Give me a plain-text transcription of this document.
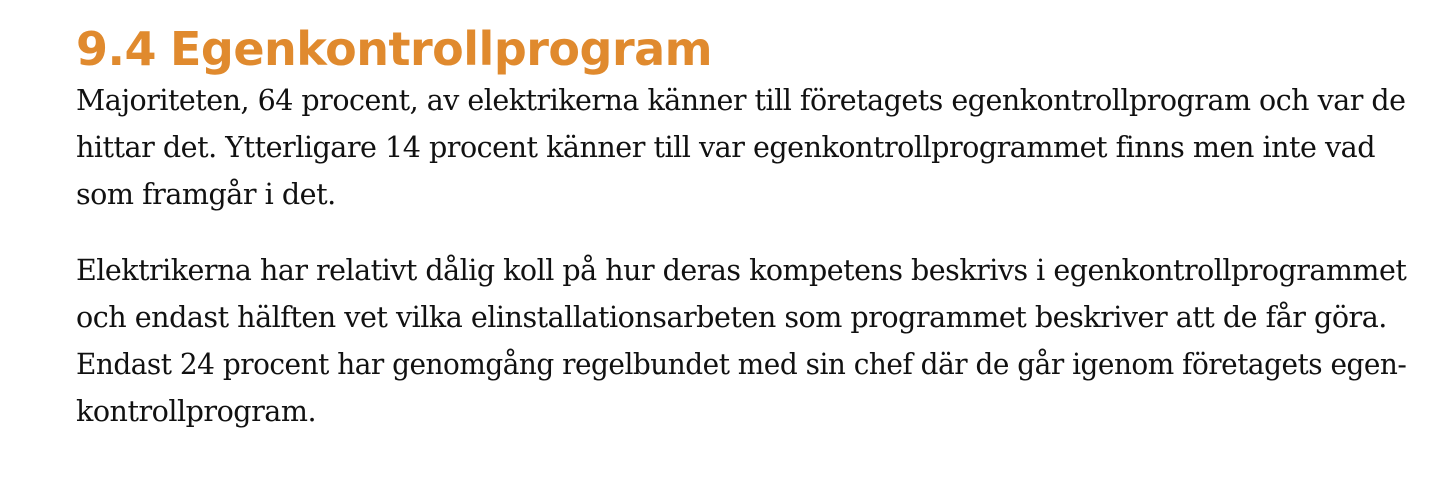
9.4 Egenkontrollprogram

Majoriteten, 64 procent, av elektrikerna känner till företagets egenkontrollprogram och var de
hittar det. Ytterligare 14 procent känner till var egenkontrollprogrammet finns men inte vad
som framgår i det.

Elektrikerna har relativt dålig koll på hur deras kompetens beskrivs i egenkontrollprogrammet
och endast hälften vet vilka elinstallationsarbeten som programmet beskriver att de får göra.
Endast 24 procent har genomgång regelbundet med sin chef där de går igenom företagets egen-
kontrollprogram.
